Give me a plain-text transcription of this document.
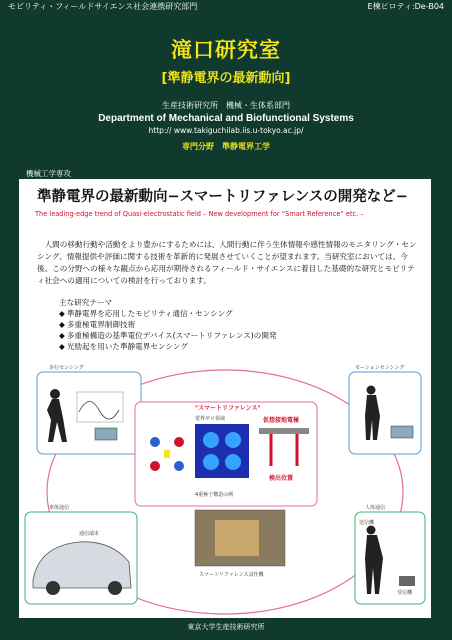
モビリティ・フィールドサイエンス社会連携研究部門	E棟ピロティ:De-B04
滝口研究室
[準静電界の最新動向]
生産技術研究所　機械・生体系部門
Department of Mechanical and Biofunctional Systems
http:// www.takiguchilab.iis.u-tokyo.ac.jp/
専門分野　準静電界工学
機械工学専攻
準静電界の最新動向−スマートリファレンスの開発など−
The leading-edge trend of Quasi-electrostatic field – New development for “Smart Reference” etc. –

人間の移動行動や活動をより豊かにするためには、人間行動に伴う生体情報や感性情報のモニタリング・センシング、情報提供や評価に関する技術を革新的に発展させていくことが望まれます。当研究室においては、今後、この分野への様々な観点から応用が期待されるフィールド・サイエンスに着目した基礎的な研究とモビリティ社会への適用についての検討を行っております。

主な研究テーマ
◆ 準静電界を応用したモビリティ通信・センシング
◆ 多重極電界制御技術
◆ 多重極構造の基準電位デバイス(スマートリファレンス)の開発
◆ 光励起を用いた準静電界センシング
歩行センシング	モーションセンシング
車体通信
通信端末
人体通信
送信機
受信機
"スマートリファレンス"
電界ゼロ領域	仮想接地電極
検出位置
4重極子構造の例
スマートリファレンス試作機
東京大学生産技術研究所
